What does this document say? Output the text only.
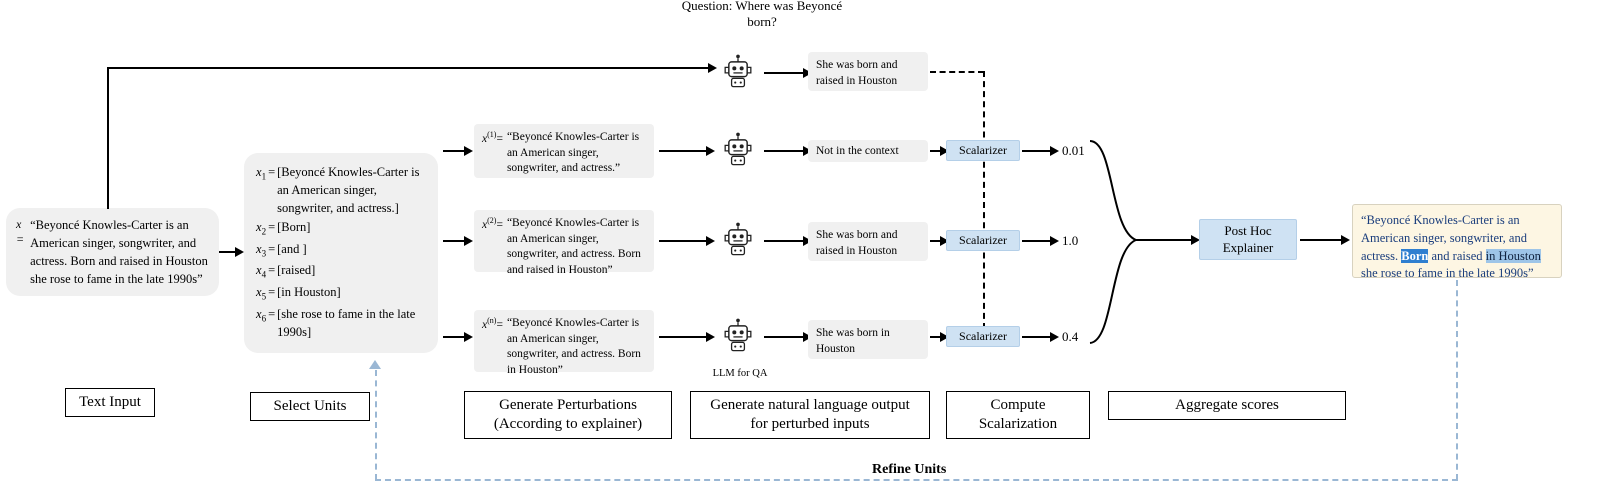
Question: Where was Beyoncé born?
x =
“Beyoncé Knowles-Carter is an American singer, songwriter, and actress. Born and raised in Houston she rose to fame in the late 1990s”
$x_1$	=	[Beyoncé Knowles-Carter is an American singer, songwriter, and actress.]
$x_2$	=	[Born]
$x_3$	=	[and ]
$x_4$	=	[raised]
$x_5$	=	[in Houston]
$x_6$	=	[she rose to fame in the late 1990s]
$x^{(1)}=$ “Beyoncé Knowles-Carter is an American singer, songwriter, and actress.”
$x^{(2)}=$ “Beyoncé Knowles-Carter is an American singer, songwriter, and actress. Born and raised in Houston”
$x^{(n)}=$ “Beyoncé Knowles-Carter is an American singer, songwriter, and actress. Born in Houston”	LLM for QA
She was born and raised in Houston
Not in the context
She was born and raised in Houston
She was born in Houston
Scalarizer
Scalarizer
Scalarizer
0.01
1.0
0.4
Post Hoc
Explainer
“Beyoncé Knowles-Carter is an American singer, songwriter, and actress. Born and raised in Houston she rose to fame in the late 1990s”
Text Input	Select Units	Generate Perturbations
(According to explainer)
Generate natural language output
for perturbed inputs
Compute
Scalarization
Aggregate scores
Refine Units
